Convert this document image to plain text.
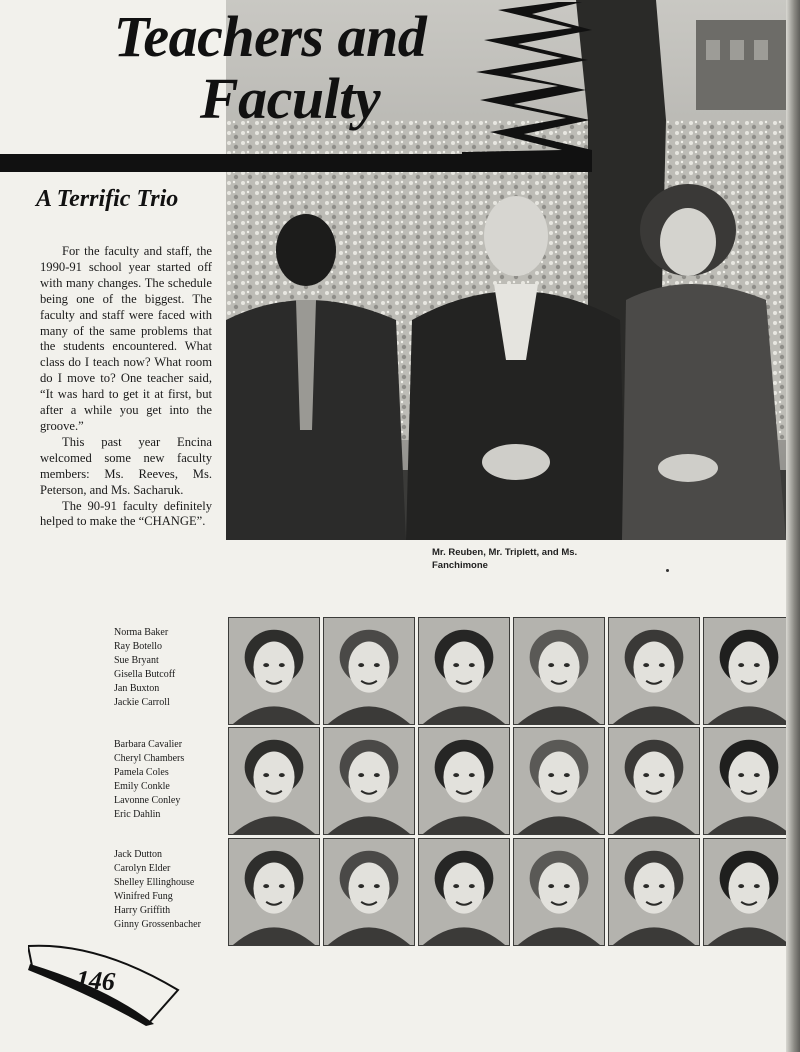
Teachers and
Faculty
A Terrific Trio

For the faculty and staff, the 1990-91 school year started off with many changes. The schedule being one of the biggest. The faculty and staff were faced with many of the same problems that the students encountered. What class do I teach now? What room do I move to? One teacher said, “It was hard to get it at first, but after a while you get into the groove.”

This past year Encina welcomed some new faculty members: Ms. Reeves, Ms. Peterson, and Ms. Sacharuk.

The 90-91 faculty definitely helped to make the “CHANGE”.

Mr. Reuben, Mr. Triplett, and Ms. Fanchimone
Norma Baker
Ray Botello
Sue Bryant
Gisella Butcoff
Jan Buxton
Jackie Carroll
Barbara Cavalier
Cheryl Chambers
Pamela Coles
Emily Conkle
Lavonne Conley
Eric Dahlin
Jack Dutton
Carolyn Elder
Shelley Ellinghouse
Winifred Fung
Harry Griffith
Ginny Grossenbacher
146
